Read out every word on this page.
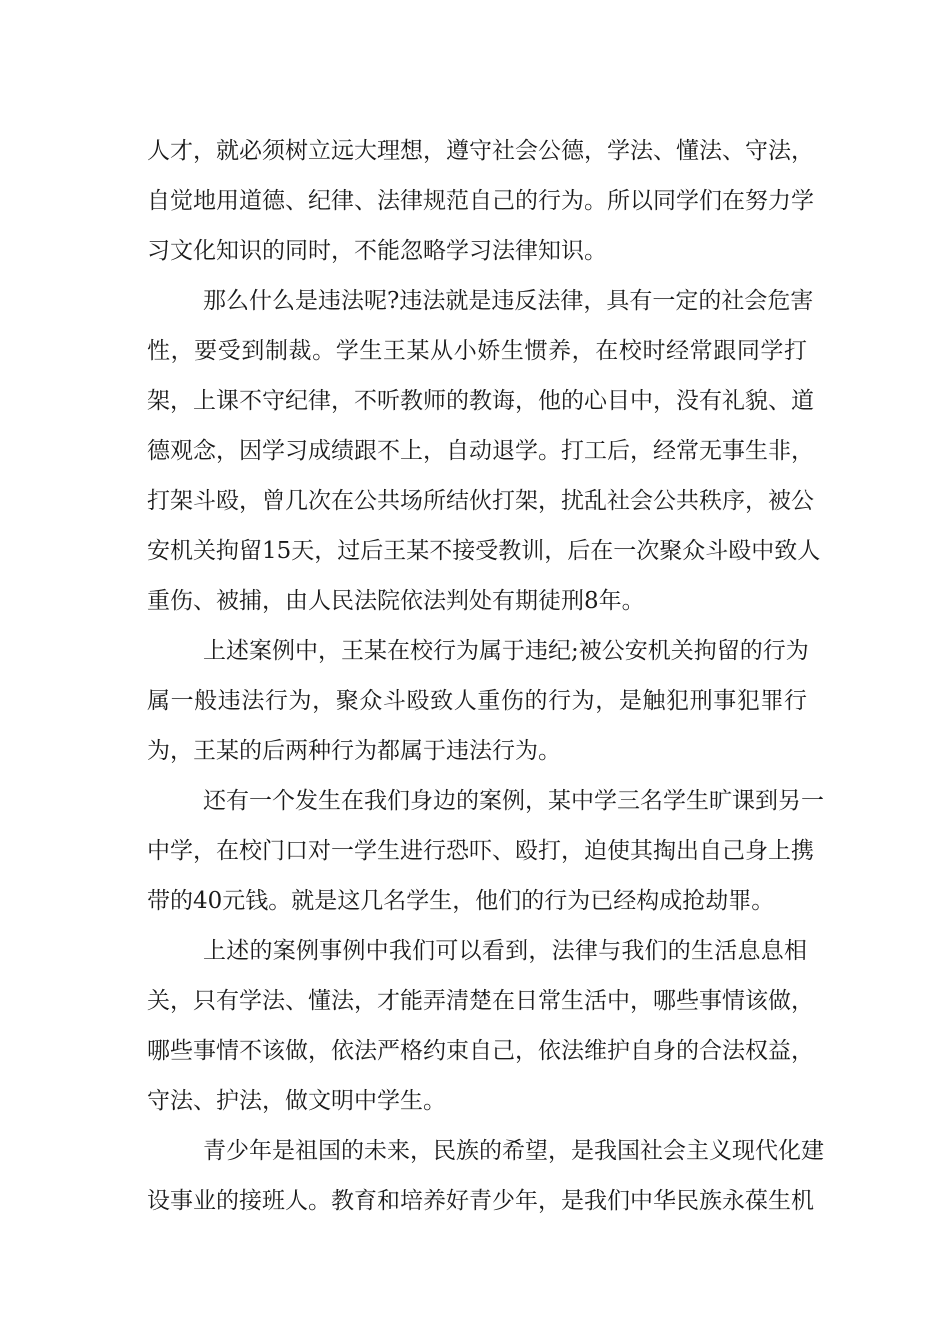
人才，就必须树立远大理想，遵守社会公德，学法、懂法、守法，
自觉地用道德、纪律、法律规范自己的行为。所以同学们在努力学
习文化知识的同时，不能忽略学习法律知识。
那么什么是违法呢?违法就是违反法律，具有一定的社会危害
性，要受到制裁。学生王某从小娇生惯养，在校时经常跟同学打
架，上课不守纪律，不听教师的教诲，他的心目中，没有礼貌、道
德观念，因学习成绩跟不上，自动退学。打工后，经常无事生非，
打架斗殴，曾几次在公共场所结伙打架，扰乱社会公共秩序，被公
安机关拘留15天，过后王某不接受教训，后在一次聚众斗殴中致人
重伤、被捕，由人民法院依法判处有期徒刑8年。
上述案例中，王某在校行为属于违纪;被公安机关拘留的行为
属一般违法行为，聚众斗殴致人重伤的行为，是触犯刑事犯罪行
为，王某的后两种行为都属于违法行为。
还有一个发生在我们身边的案例，某中学三名学生旷课到另一
中学，在校门口对一学生进行恐吓、殴打，迫使其掏出自己身上携
带的40元钱。就是这几名学生，他们的行为已经构成抢劫罪。
上述的案例事例中我们可以看到，法律与我们的生活息息相
关，只有学法、懂法，才能弄清楚在日常生活中，哪些事情该做，
哪些事情不该做，依法严格约束自己，依法维护自身的合法权益，
守法、护法，做文明中学生。
青少年是祖国的未来，民族的希望，是我国社会主义现代化建
设事业的接班人。教育和培养好青少年，是我们中华民族永葆生机
